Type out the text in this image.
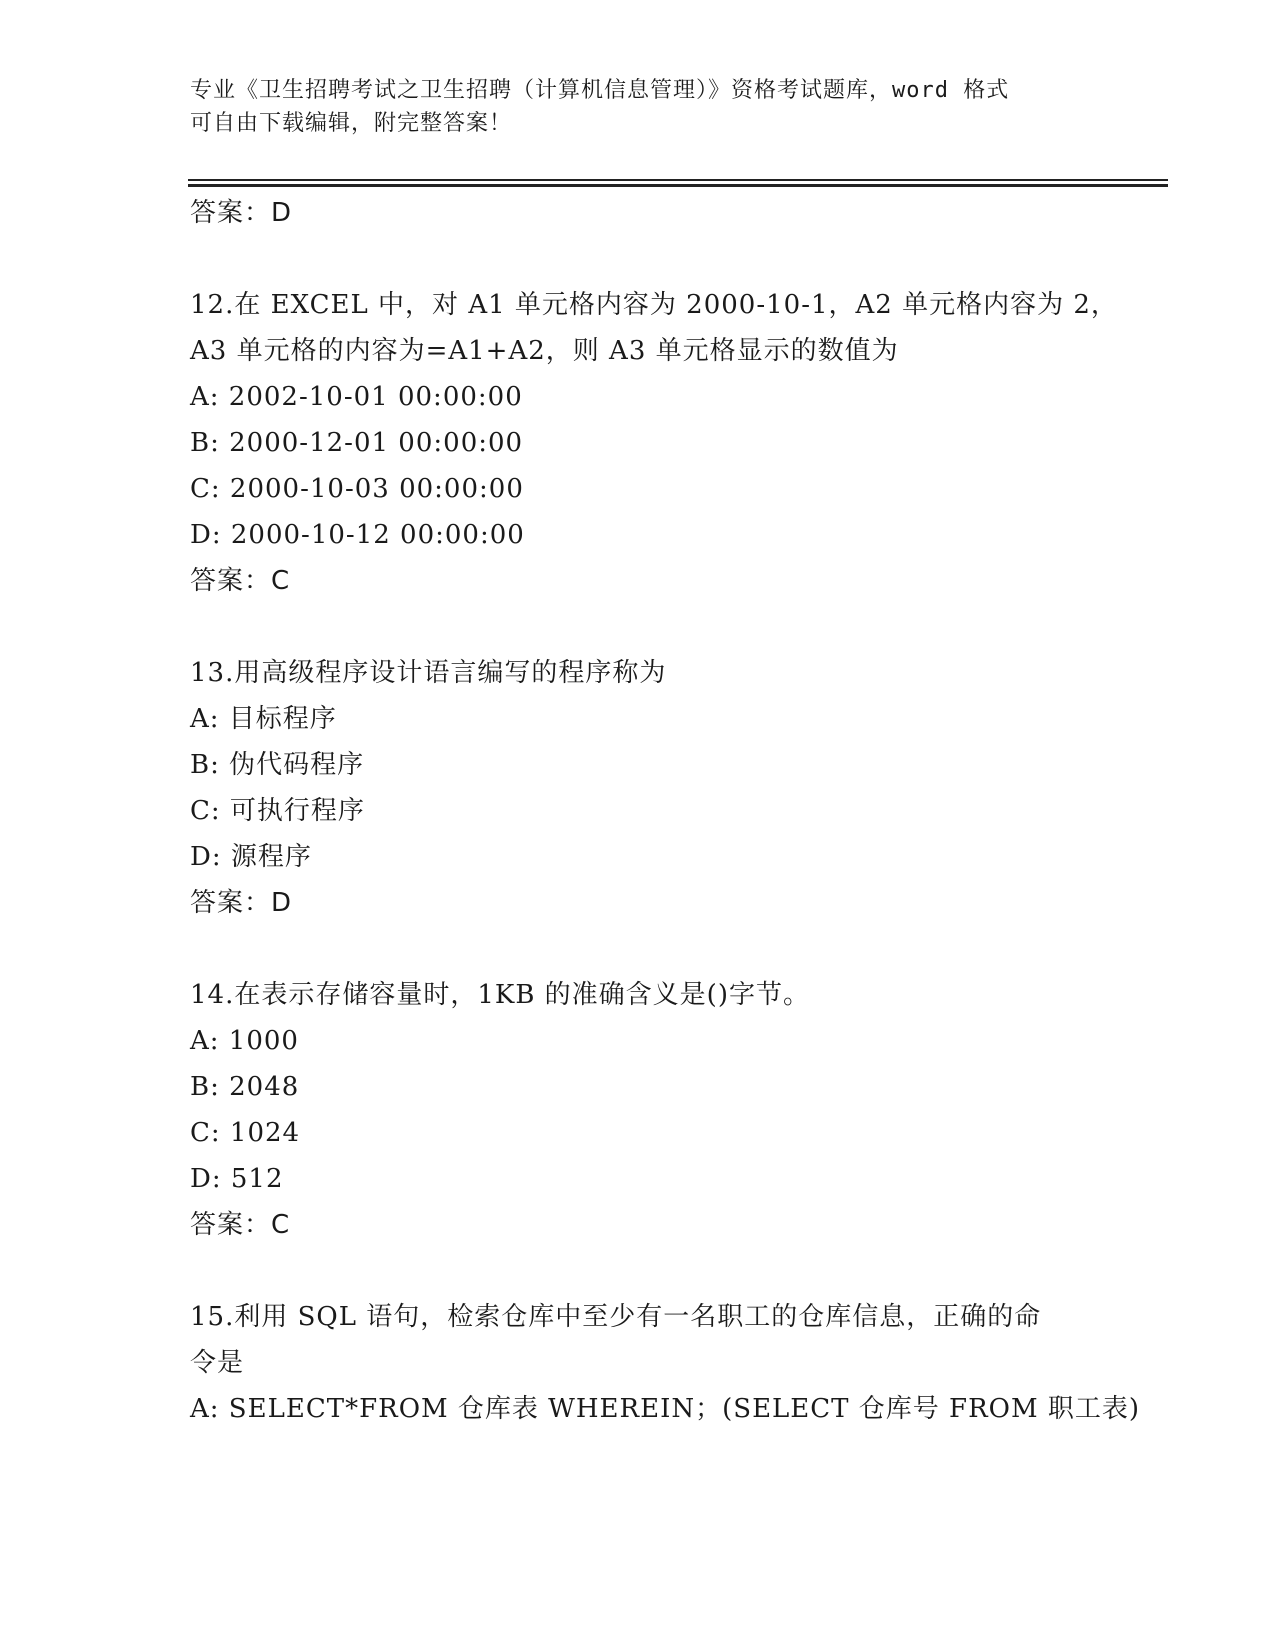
专业《卫生招聘考试之卫生招聘（计算机信息管理）》资格考试题库，word 格式
可自由下载编辑，附完整答案！
答案：D
12.在 EXCEL 中，对 A1 单元格内容为 2000-10-1，A2 单元格内容为 2，
A3 单元格的内容为=A1+A2，则 A3 单元格显示的数值为
A: 2002-10-01 00:00:00
B: 2000-12-01 00:00:00
C: 2000-10-03 00:00:00
D: 2000-10-12 00:00:00
答案：C
13.用高级程序设计语言编写的程序称为
A: 目标程序
B: 伪代码程序
C: 可执行程序
D: 源程序
答案：D
14.在表示存储容量时，1KB 的准确含义是()字节。
A: 1000
B: 2048
C: 1024
D: 512
答案：C
15.利用 SQL 语句，检索仓库中至少有一名职工的仓库信息，正确的命
令是
A: SELECT*FROM 仓库表 WHEREIN；(SELECT 仓库号 FROM 职工表)
